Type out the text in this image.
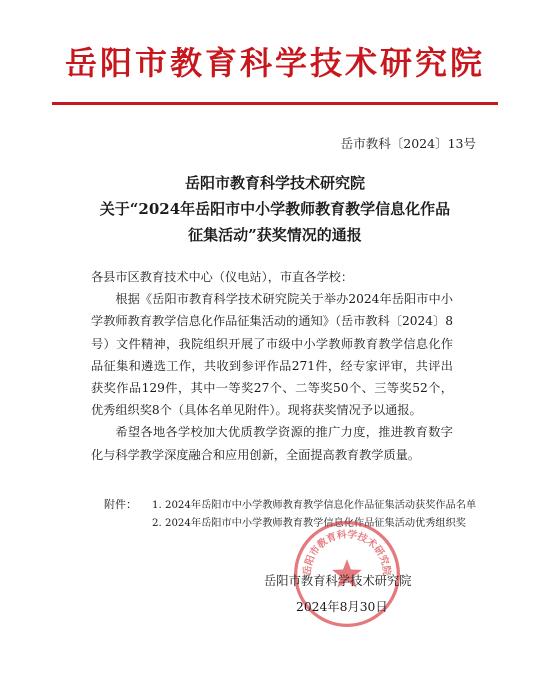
岳阳市教育科学技术研究院
岳市教科〔2024〕13号
岳阳市教育科学技术研究院
关于“2024年岳阳市中小学教师教育教学信息化作品
征集活动”获奖情况的通报

各县市区教育技术中心（仪电站），市直各学校：

根据《岳阳市教育科学技术研究院关于举办2024年岳阳市中小学教师教育教学信息化作品征集活动的通知》（岳市教科〔2024〕8号）文件精神，我院组织开展了市级中小学教师教育教学信息化作品征集和遴选工作，共收到参评作品271件，经专家评审，共评出获奖作品129件，其中一等奖27个、二等奖50个、三等奖52个，优秀组织奖8个（具体名单见附件）。现将获奖情况予以通报。

希望各地各学校加大优质教学资源的推广力度，推进教育数字化与科学教学深度融合和应用创新，全面提高教育教学质量。

附件： 1. 2024年岳阳市中小学教师教育教学信息化作品征集活动获奖作品名单
2. 2024年岳阳市中小学教师教育教学信息化作品征集活动优秀组织奖
岳阳市教育科学技术研究院
岳阳市教育科学技术研究院
2024年8月30日
